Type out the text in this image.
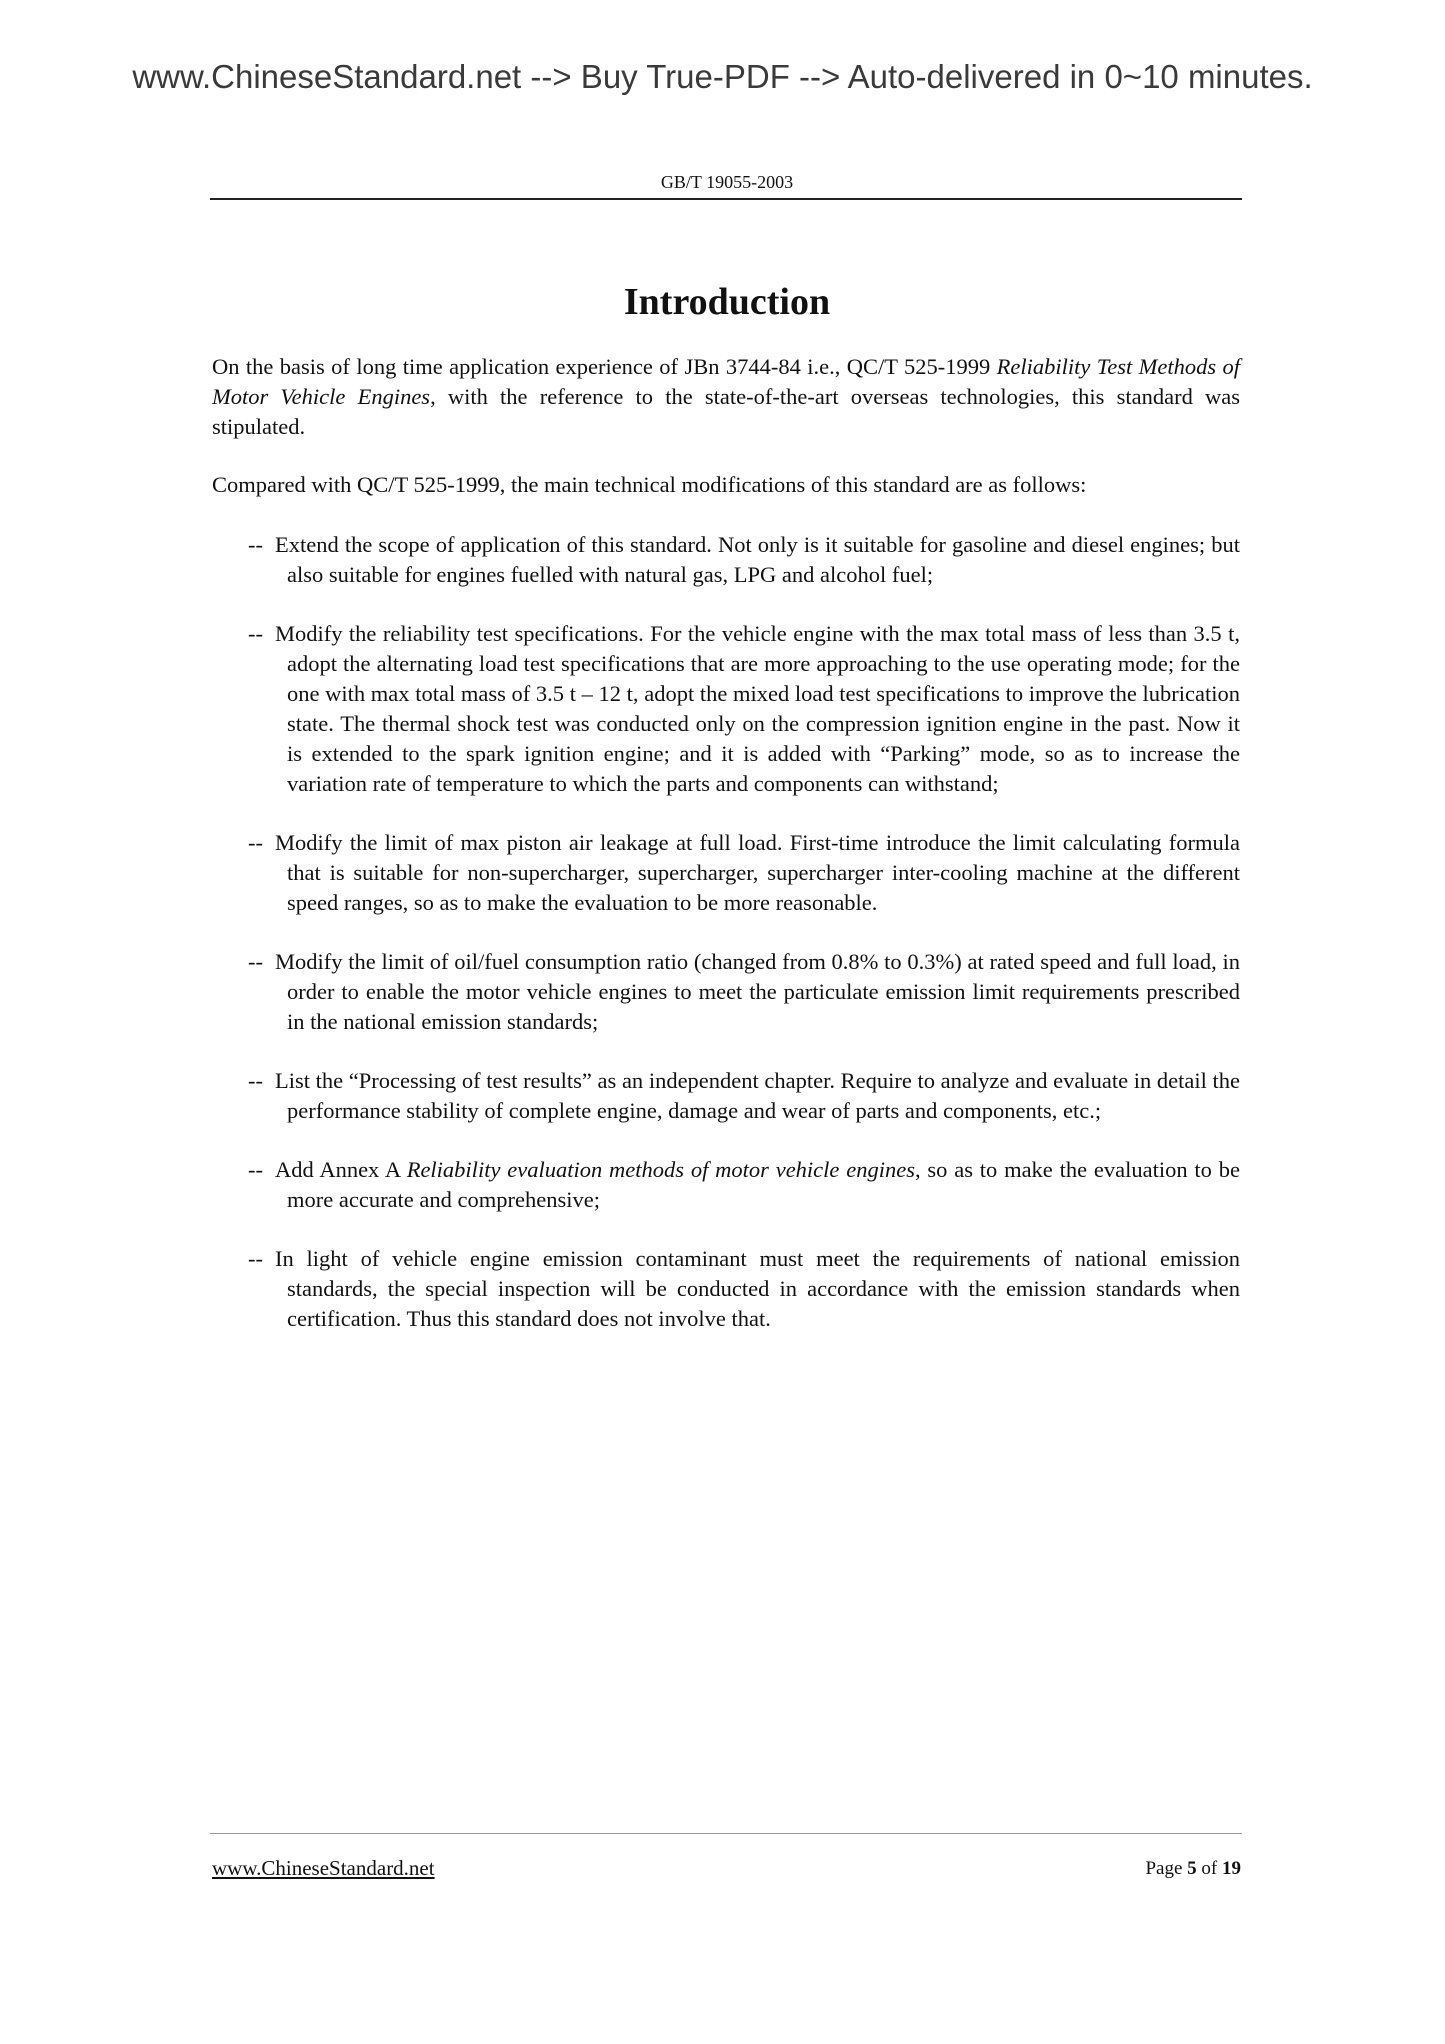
www.ChineseStandard.net --> Buy True-PDF --> Auto-delivered in 0~10 minutes.
GB/T 19055-2003
Introduction

On the basis of long time application experience of JBn 3744-84 i.e., QC/T 525-1999 Reliability Test Methods of Motor Vehicle Engines, with the reference to the state-of-the-art overseas technologies, this standard was stipulated.

Compared with QC/T 525-1999, the main technical modifications of this standard are as follows:

-- Extend the scope of application of this standard. Not only is it suitable for gasoline and diesel engines; but also suitable for engines fuelled with natural gas, LPG and alcohol fuel;
-- Modify the reliability test specifications. For the vehicle engine with the max total mass of less than 3.5 t, adopt the alternating load test specifications that are more approaching to the use operating mode; for the one with max total mass of 3.5 t – 12 t, adopt the mixed load test specifications to improve the lubrication state. The thermal shock test was conducted only on the compression ignition engine in the past. Now it is extended to the spark ignition engine; and it is added with “Parking” mode, so as to increase the variation rate of temperature to which the parts and components can withstand;
-- Modify the limit of max piston air leakage at full load. First-time introduce the limit calculating formula that is suitable for non-supercharger, supercharger, supercharger inter-cooling machine at the different speed ranges, so as to make the evaluation to be more reasonable.
-- Modify the limit of oil/fuel consumption ratio (changed from 0.8% to 0.3%) at rated speed and full load, in order to enable the motor vehicle engines to meet the particulate emission limit requirements prescribed in the national emission standards;
-- List the “Processing of test results” as an independent chapter. Require to analyze and evaluate in detail the performance stability of complete engine, damage and wear of parts and components, etc.;
-- Add Annex A Reliability evaluation methods of motor vehicle engines, so as to make the evaluation to be more accurate and comprehensive;
-- In light of vehicle engine emission contaminant must meet the requirements of national emission standards, the special inspection will be conducted in accordance with the emission standards when certification. Thus this standard does not involve that.
www.ChineseStandard.net	Page 5 of 19
